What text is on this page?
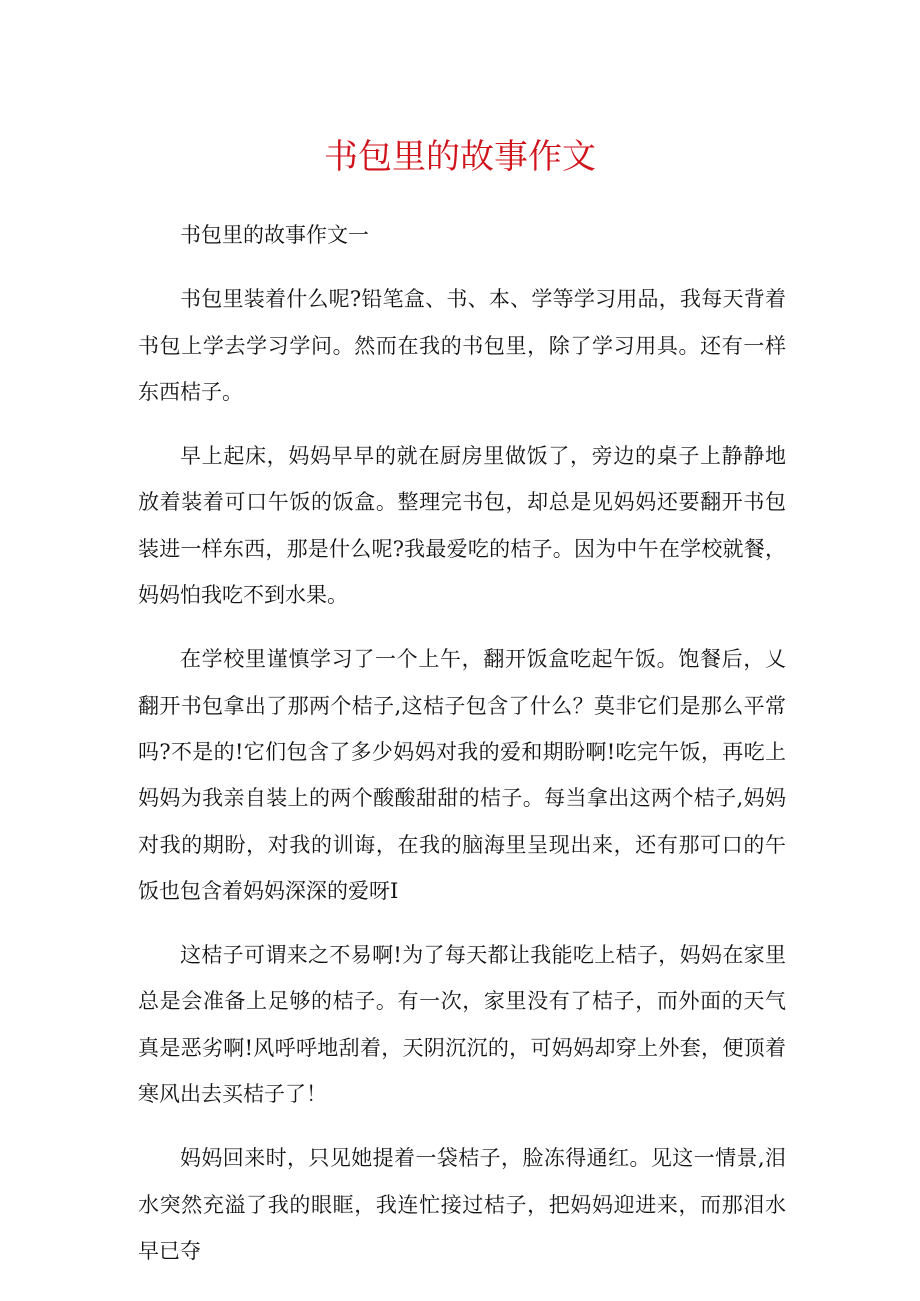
书包里的故事作文

书包里的故事作文一

书包里装着什么呢?铅笔盒、书、本、学等学习用品，我每天背着书包上学去学习学问。然而在我的书包里，除了学习用具。还有一样东西桔子。

早上起床，妈妈早早的就在厨房里做饭了，旁边的桌子上静静地放着装着可口午饭的饭盒。整理完书包，却总是见妈妈还要翻开书包装进一样东西，那是什么呢?我最爱吃的桔子。因为中午在学校就餐，妈妈怕我吃不到水果。

在学校里谨慎学习了一个上午，翻开饭盒吃起午饭。饱餐后，乂翻开书包拿出了那两个桔子,这桔子包含了什么？莫非它们是那么平常吗?不是的!它们包含了多少妈妈对我的爱和期盼啊!吃完午饭，再吃上妈妈为我亲自装上的两个酸酸甜甜的桔子。每当拿出这两个桔子,妈妈对我的期盼，对我的训诲，在我的脑海里呈现出来，还有那可口的午饭也包含着妈妈深深的爱呀I

这桔子可谓来之不易啊!为了每天都让我能吃上桔子，妈妈在家里总是会准备上足够的桔子。有一次，家里没有了桔子，而外面的天气真是恶劣啊!风呼呼地刮着，天阴沉沉的，可妈妈却穿上外套，便顶着寒风出去买桔子了！

妈妈回来时，只见她提着一袋桔子，脸冻得通红。见这一情景,泪水突然充溢了我的眼眶，我连忙接过桔子，把妈妈迎进来，而那泪水早已夺
